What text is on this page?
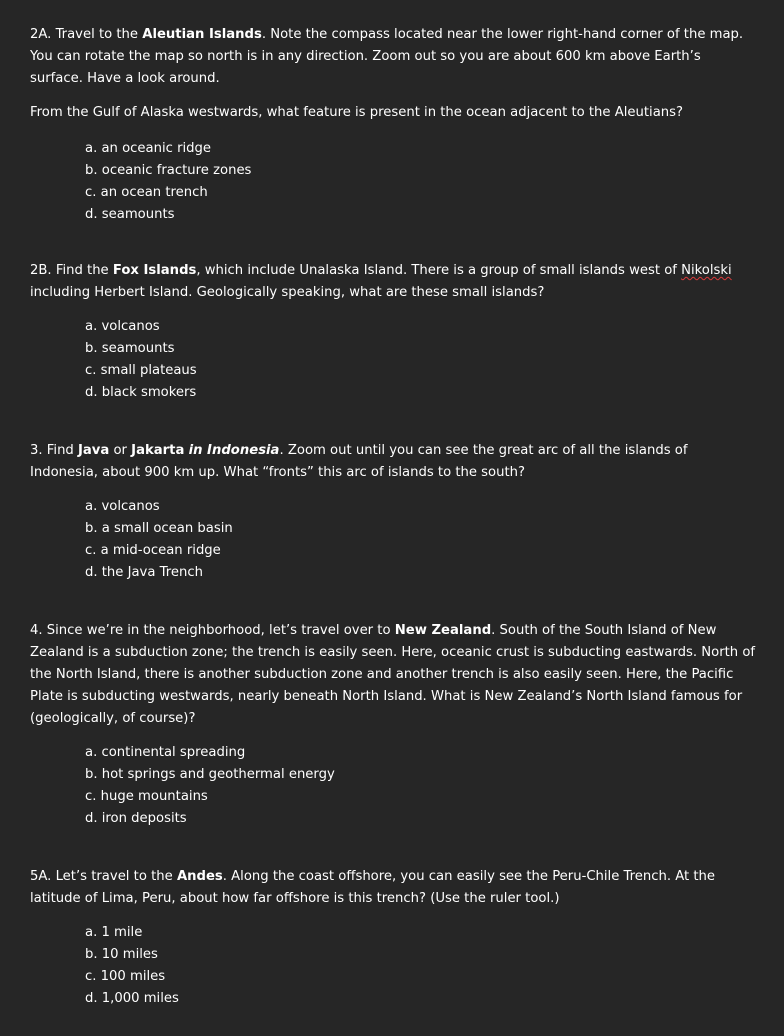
2A. Travel to the Aleutian Islands. Note the compass located near the lower right-hand corner of the map. You can rotate the map so north is in any direction. Zoom out so you are about 600 km above Earth’s surface. Have a look around.

From the Gulf of Alaska westwards, what feature is present in the ocean adjacent to the Aleutians?

a. an oceanic ridge
b. oceanic fracture zones
c. an ocean trench
d. seamounts

2B. Find the Fox Islands, which include Unalaska Island. There is a group of small islands west of Nikolski including Herbert Island. Geologically speaking, what are these small islands?

a. volcanos
b. seamounts
c. small plateaus
d. black smokers

3. Find Java or Jakarta in Indonesia. Zoom out until you can see the great arc of all the islands of Indonesia, about 900 km up. What “fronts” this arc of islands to the south?

a. volcanos
b. a small ocean basin
c. a mid-ocean ridge
d. the Java Trench

4. Since we’re in the neighborhood, let’s travel over to New Zealand. South of the South Island of New Zealand is a subduction zone; the trench is easily seen. Here, oceanic crust is subducting eastwards. North of the North Island, there is another subduction zone and another trench is also easily seen. Here, the Pacific Plate is subducting westwards, nearly beneath North Island. What is New Zealand’s North Island famous for (geologically, of course)?

a. continental spreading
b. hot springs and geothermal energy
c. huge mountains
d. iron deposits

5A. Let’s travel to the Andes. Along the coast offshore, you can easily see the Peru-Chile Trench. At the latitude of Lima, Peru, about how far offshore is this trench? (Use the ruler tool.)

a. 1 mile
b. 10 miles
c. 100 miles
d. 1,000 miles
